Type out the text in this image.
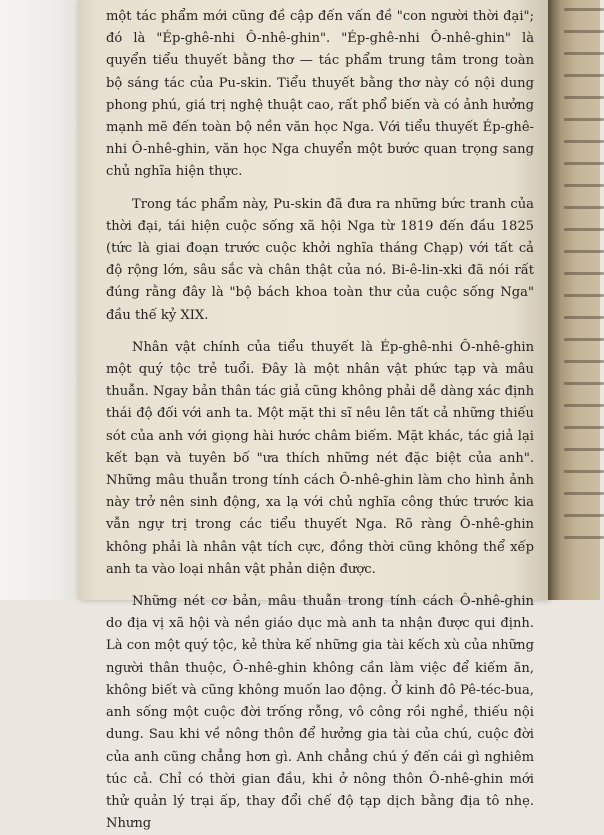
một tác phẩm mới cũng đề cập đến vấn đề "con người thời đại"; đó là "Ép-ghê-nhi Ô-nhê-ghin". "Ép-ghê-nhi Ô-nhê-ghin" là quyển tiểu thuyết bằng thơ — tác phẩm trung tâm trong toàn bộ sáng tác của Pu-skin. Tiểu thuyết bằng thơ này có nội dung phong phú, giá trị nghệ thuật cao, rất phổ biến và có ảnh hưởng mạnh mẽ đến toàn bộ nền văn học Nga. Với tiểu thuyết Ép-ghê-nhi Ô-nhê-ghin, văn học Nga chuyển một bước quan trọng sang chủ nghĩa hiện thực.

Trong tác phẩm này, Pu-skin đã đưa ra những bức tranh của thời đại, tái hiện cuộc sống xã hội Nga từ 1819 đến đầu 1825 (tức là giai đoạn trước cuộc khởi nghĩa tháng Chạp) với tất cả độ rộng lớn, sâu sắc và chân thật của nó. Bi-ê-lin-xki đã nói rất đúng rằng đây là "bộ bách khoa toàn thư của cuộc sống Nga" đầu thế kỷ XIX.

Nhân vật chính của tiểu thuyết là Ép-ghê-nhi Ô-nhê-ghin một quý tộc trẻ tuổi. Đây là một nhân vật phức tạp và mâu thuẫn. Ngay bản thân tác giả cũng không phải dễ dàng xác định thái độ đối với anh ta. Một mặt thi sĩ nêu lên tất cả những thiếu sót của anh với giọng hài hước châm biếm. Mặt khác, tác giả lại kết bạn và tuyên bố "ưa thích những nét đặc biệt của anh". Những mâu thuẫn trong tính cách Ô-nhê-ghin làm cho hình ảnh này trở nên sinh động, xa lạ với chủ nghĩa công thức trước kia vẫn ngự trị trong các tiểu thuyết Nga. Rõ ràng Ô-nhê-ghin không phải là nhân vật tích cực, đồng thời cũng không thể xếp anh ta vào loại nhân vật phản diện được.

Những nét cơ bản, mâu thuẫn trong tính cách Ô-nhê-ghin do địa vị xã hội và nền giáo dục mà anh ta nhận được qui định. Là con một quý tộc, kẻ thừa kế những gia tài kếch xù của những người thân thuộc, Ô-nhê-ghin không cần làm việc để kiếm ăn, không biết và cũng không muốn lao động. Ở kinh đô Pê-téc-bua, anh sống một cuộc đời trống rỗng, vô công rồi nghề, thiếu nội dung. Sau khi về nông thôn để hưởng gia tài của chú, cuộc đời của anh cũng chẳng hơn gì. Anh chẳng chú ý đến cái gì nghiêm túc cả. Chỉ có thời gian đầu, khi ở nông thôn Ô-nhê-ghin mới thử quản lý trại ấp, thay đổi chế độ tạp dịch bằng địa tô nhẹ. Nhưng
